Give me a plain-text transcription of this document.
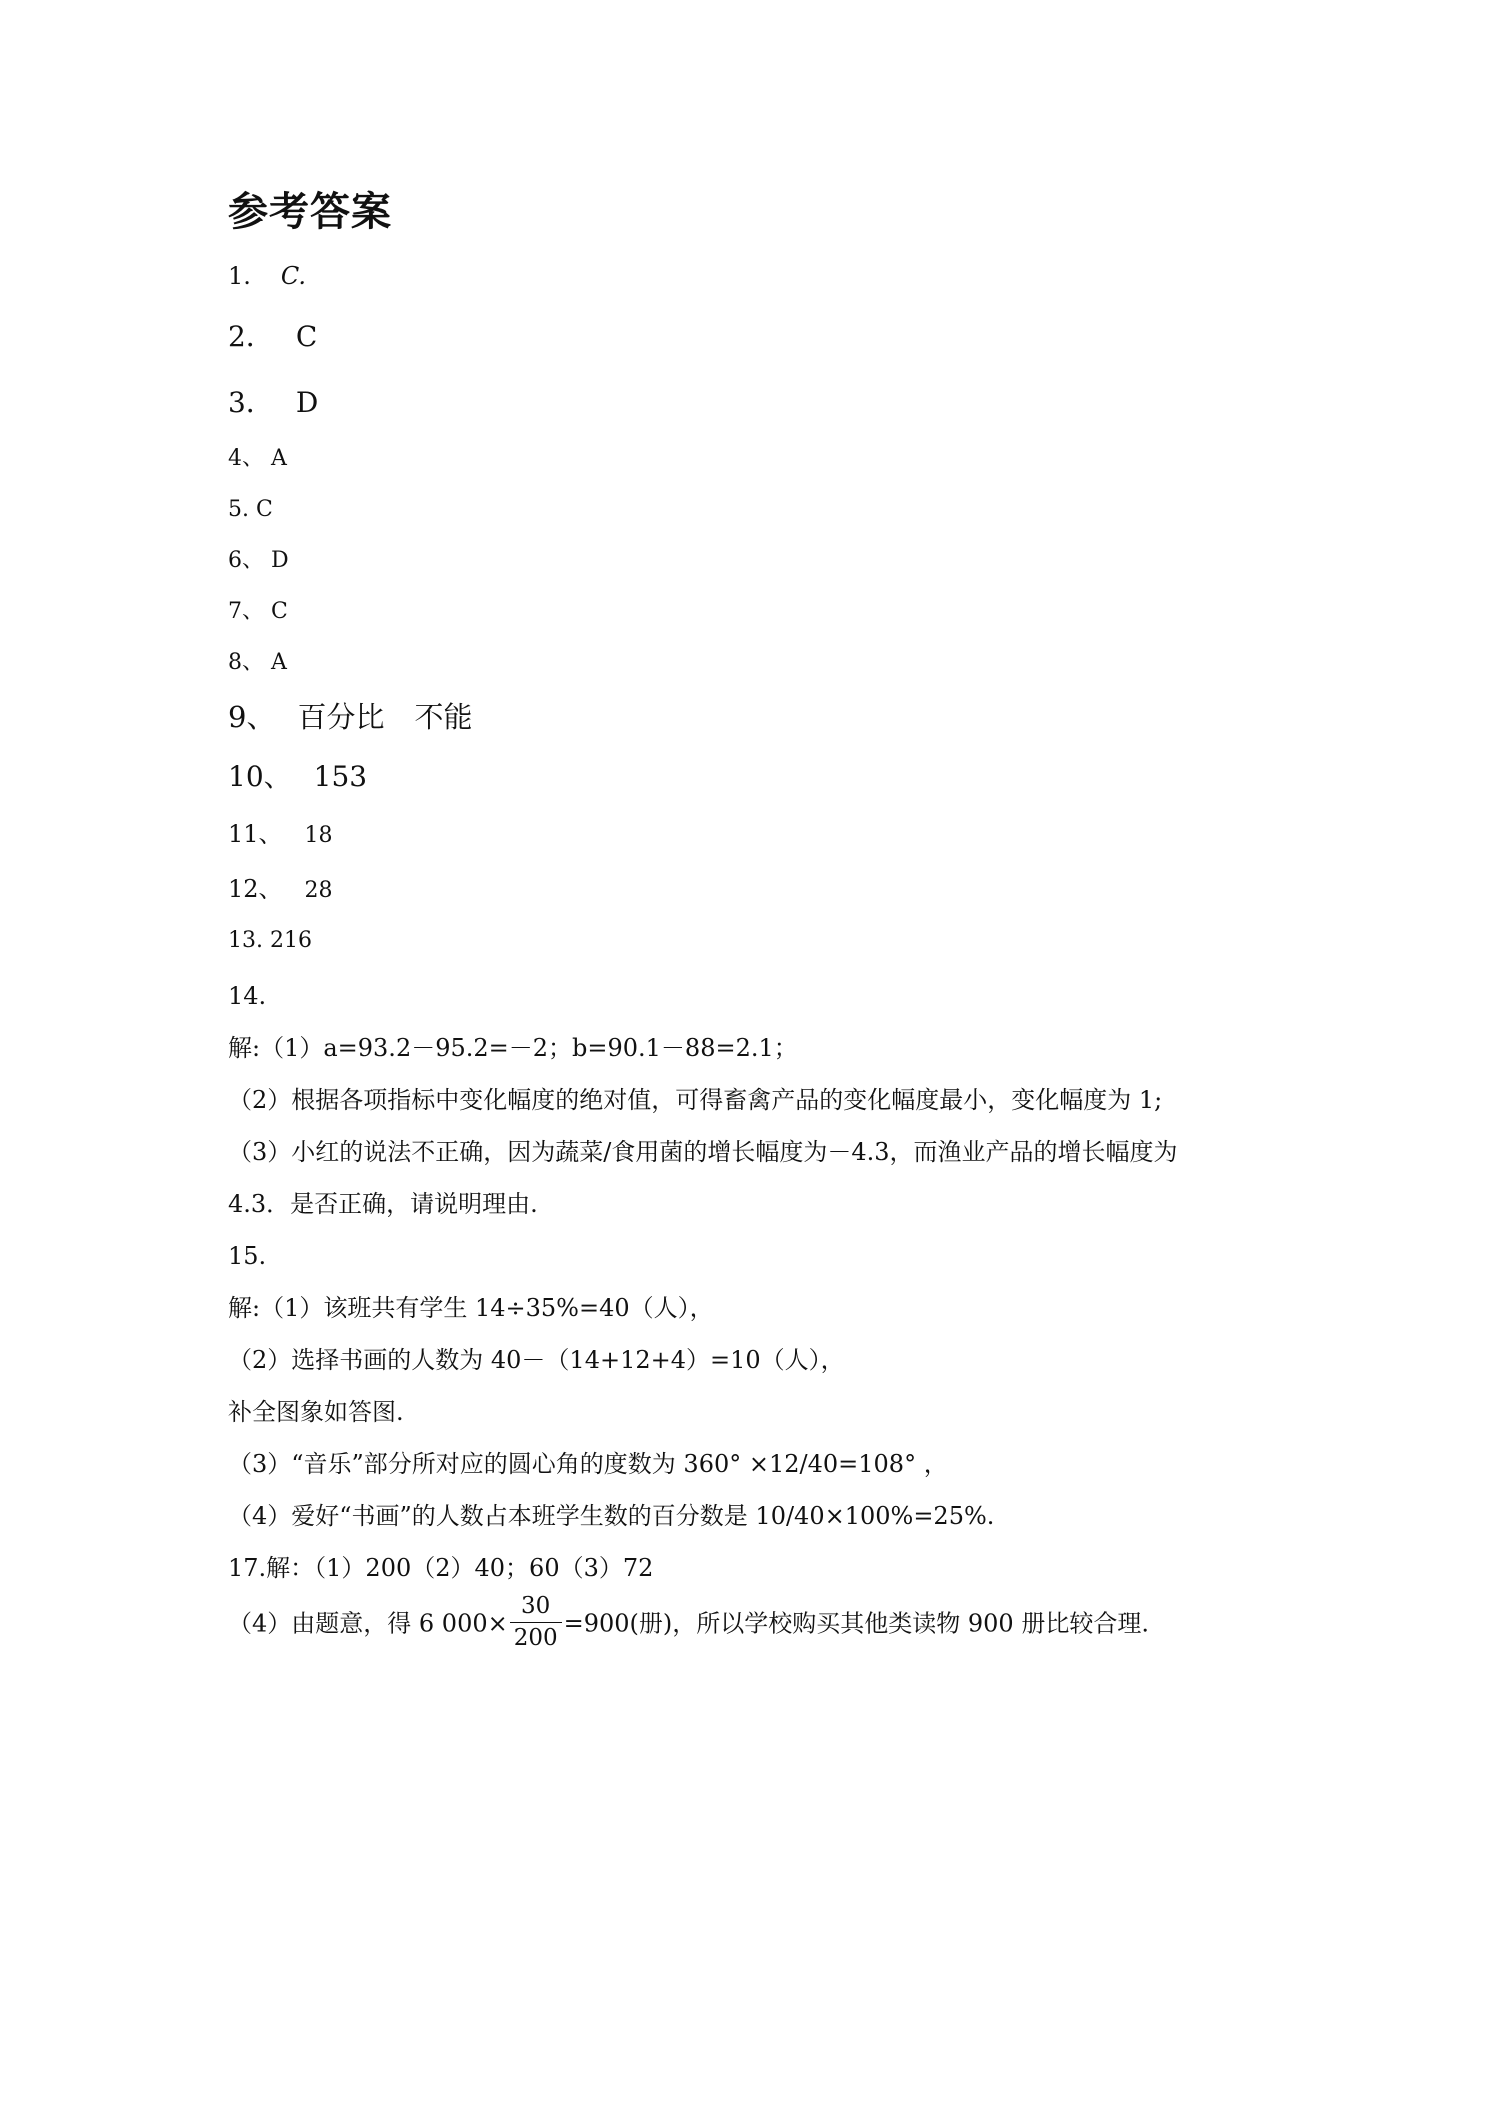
参考答案
1. C.
2． C
3． D
4、 A
5. C
6、 D
7、 C
8、 A
9、 百分比 不能
10、 153
11、 18
12、 28
13. 216
14.
解:（1）a=93.2－95.2=－2；b=90.1－88=2.1；
（2）根据各项指标中变化幅度的绝对值，可得畜禽产品的变化幅度最小，变化幅度为 1;
（3）小红的说法不正确，因为蔬菜/食用菌的增长幅度为－4.3，而渔业产品的增长幅度为
4.3．是否正确，请说明理由.
15.
解:（1）该班共有学生 14÷35%=40（人），
（2）选择书画的人数为 40－（14+12+4）=10（人），
补全图象如答图.
（3）“音乐”部分所对应的圆心角的度数为 360° ×12/40=108° ，
（4）爱好“书画”的人数占本班学生数的百分数是 10/40×100%=25%.
17.解：（1）200（2）40；60（3）72
（4）由题意，得 6 $000\times \frac{30}{200} =900$(册)，所以学校购买其他类读物 900 册比较合理.
